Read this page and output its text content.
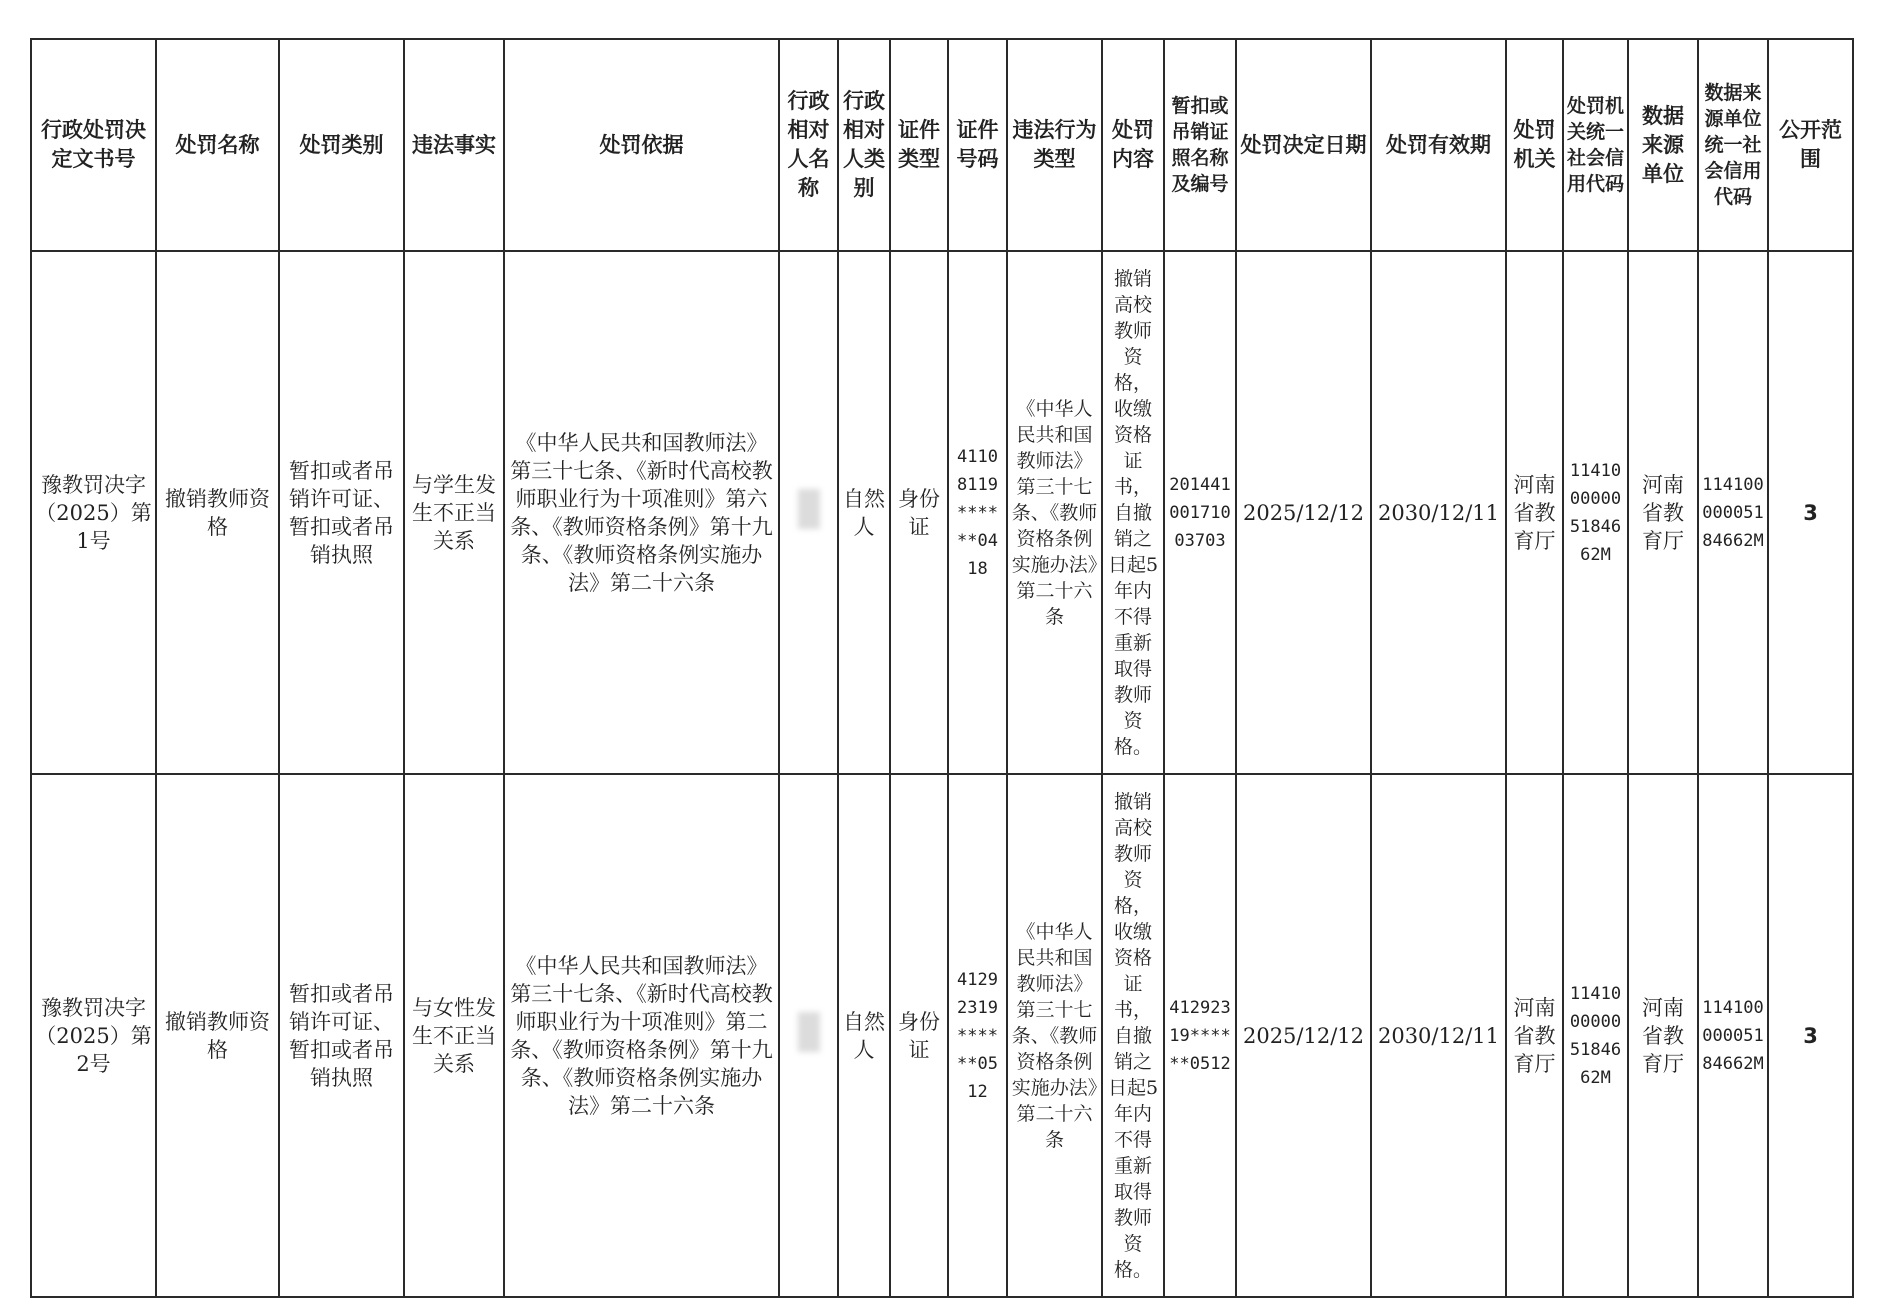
行政处罚决定文书号	处罚名称	处罚类别	违法事实	处罚依据	行政相对人名称	行政相对人类别	证件类型	证件号码	违法行为类型	处罚内容	暂扣或吊销证照名称及编号	处罚决定日期	处罚有效期	处罚机关	处罚机关统一社会信用代码	数据来源单位	数据来源单位统一社会信用代码	公开范围
豫教罚决字（2025）第1号	撤销教师资格	暂扣或者吊销许可证、暂扣或者吊销执照	与学生发生不正当关系	《中华人民共和国教师法》第三十七条、《新时代高校教师职业行为十项准则》第六条、《教师资格条例》第十九条、《教师资格条例实施办法》第二十六条		自然人	身份证	41108119******0418	《中华人民共和国教师法》第三十七条、《教师资格条例实施办法》第二十六条	撤销高校教师资格，收缴资格证书，自撤销之日起5年内不得重新取得教师资格。	20144100171003703	2025/12/12	2030/12/11	河南省教育厅	11410000005184662M	河南省教育厅	11410000005184662M	3
豫教罚决字（2025）第2号	撤销教师资格	暂扣或者吊销许可证、暂扣或者吊销执照	与女性发生不正当关系	《中华人民共和国教师法》第三十七条、《新时代高校教师职业行为十项准则》第二条、《教师资格条例》第十九条、《教师资格条例实施办法》第二十六条		自然人	身份证	41292319******0512	《中华人民共和国教师法》第三十七条、《教师资格条例实施办法》第二十六条	撤销高校教师资格，收缴资格证书，自撤销之日起5年内不得重新取得教师资格。	41292319******0512	2025/12/12	2030/12/11	河南省教育厅	11410000005184662M	河南省教育厅	11410000005184662M	3
